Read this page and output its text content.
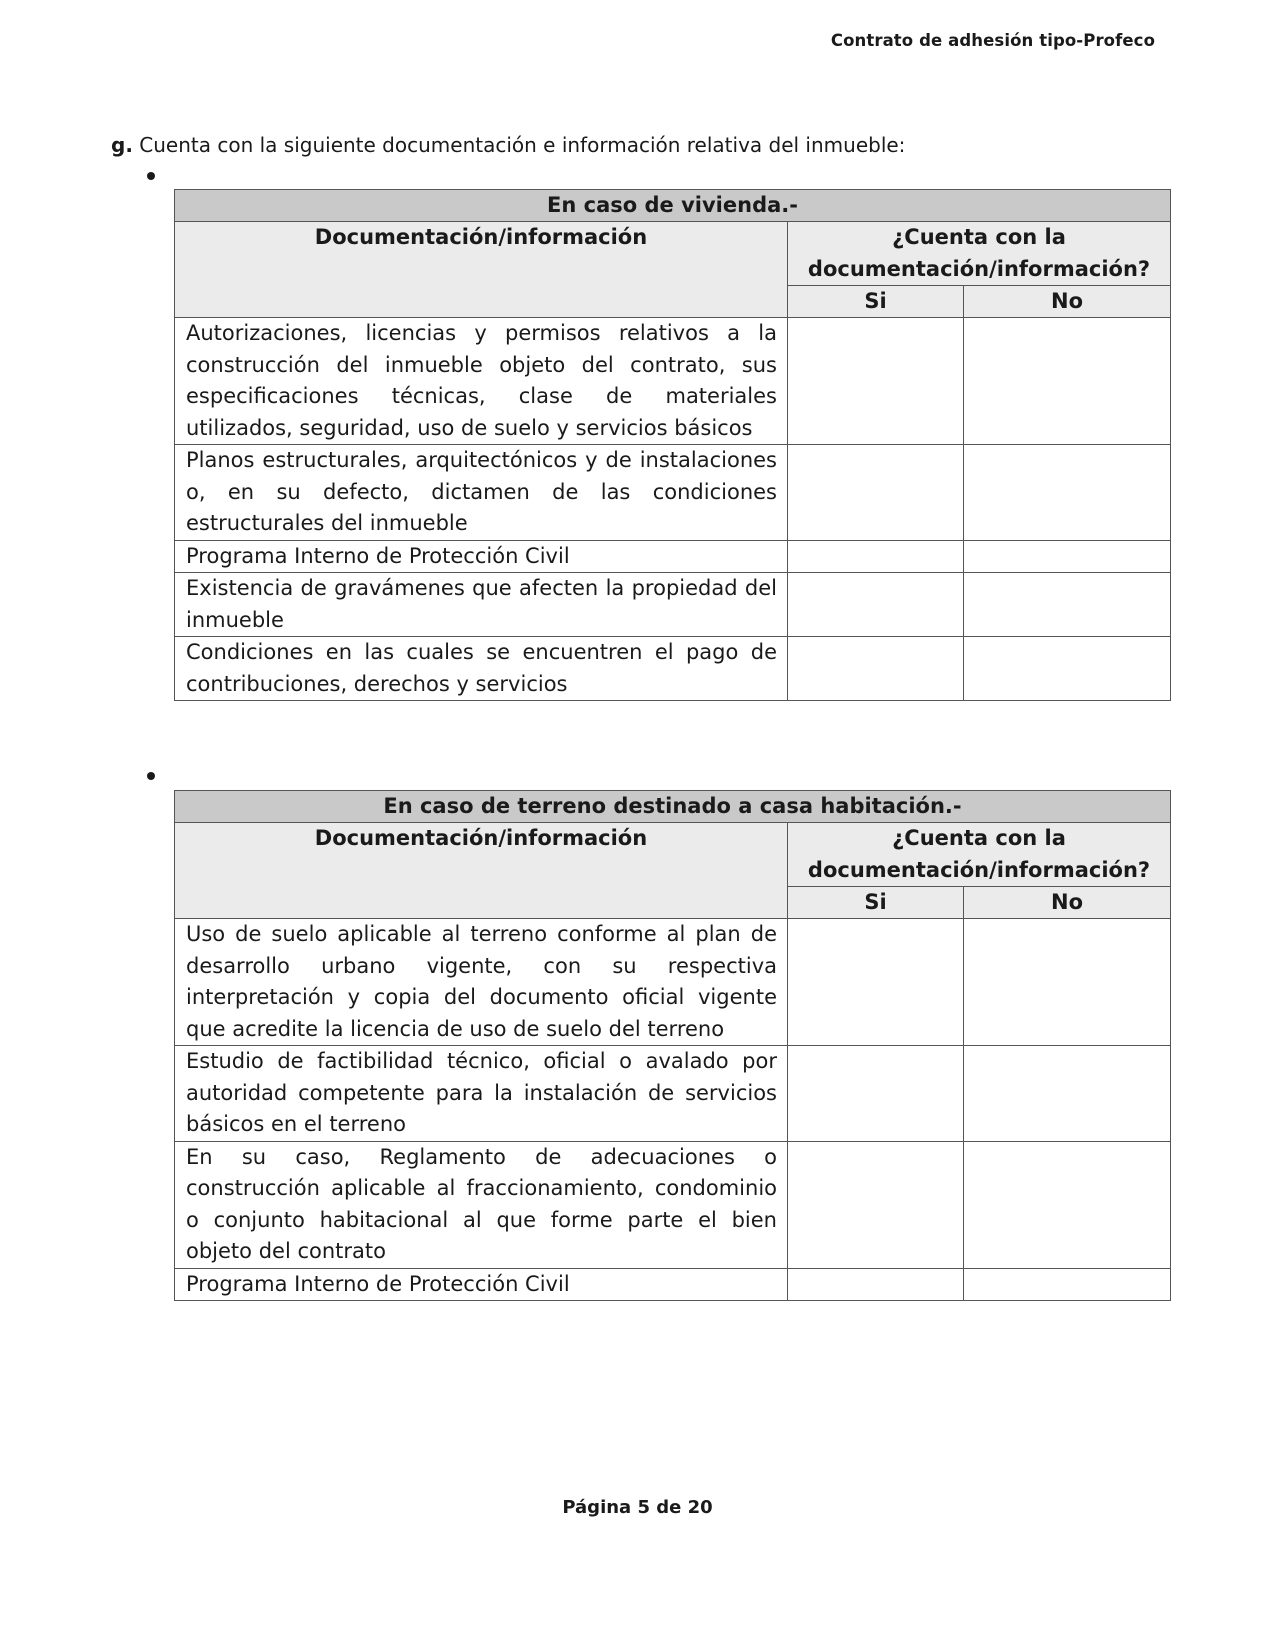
Contrato de adhesión tipo-Profeco
g. Cuenta con la siguiente documentación e información relativa del inmueble:
En caso de vivienda.-		
Documentación/información	¿Cuenta con la documentación/información?	
	Si	No
Autorizaciones, licencias y permisos relativos a la construcción del inmueble objeto del contrato, sus especificaciones técnicas, clase de materiales utilizados, seguridad, uso de suelo y servicios básicos		
Planos estructurales, arquitectónicos y de instalaciones o, en su defecto, dictamen de las condiciones estructurales del inmueble		
Programa Interno de Protección Civil		
Existencia de gravámenes que afecten la propiedad del inmueble		
Condiciones en las cuales se encuentren el pago de contribuciones, derechos y servicios		
En caso de terreno destinado a casa habitación.-		
Documentación/información	¿Cuenta con la documentación/información?	
	Si	No
Uso de suelo aplicable al terreno conforme al plan de desarrollo urbano vigente, con su respectiva interpretación y copia del documento oficial vigente que acredite la licencia de uso de suelo del terreno		
Estudio de factibilidad técnico, oficial o avalado por autoridad competente para la instalación de servicios básicos en el terreno		
En su caso, Reglamento de adecuaciones o construcción aplicable al fraccionamiento, condominio o conjunto habitacional al que forme parte el bien objeto del contrato		
Programa Interno de Protección Civil		
Página 5 de 20
